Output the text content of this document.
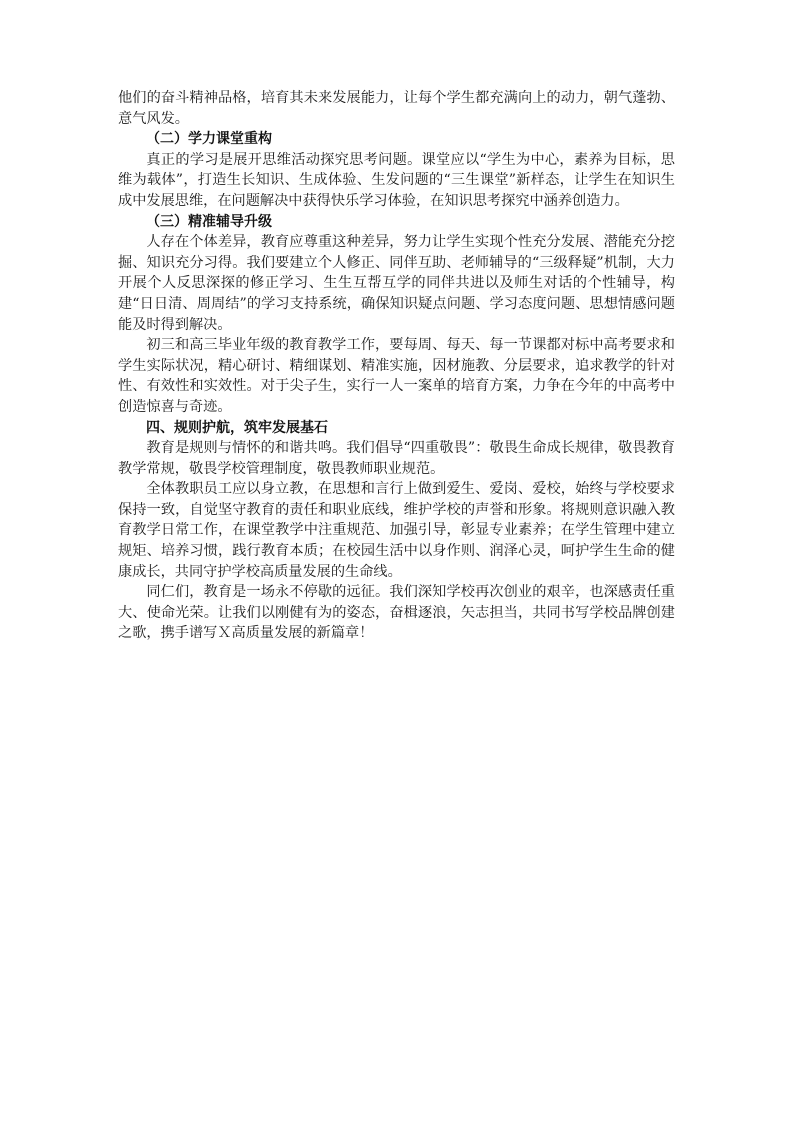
他们的奋斗精神品格，培育其未来发展能力，让每个学生都充满向上的动力，朝气蓬勃、意气风发。

（二）学力课堂重构

真正的学习是展开思维活动探究思考问题。课堂应以“学生为中心，素养为目标，思维为载体”，打造生长知识、生成体验、生发问题的“三生课堂”新样态，让学生在知识生成中发展思维，在问题解决中获得快乐学习体验，在知识思考探究中涵养创造力。

（三）精准辅导升级

人存在个体差异，教育应尊重这种差异，努力让学生实现个性充分发展、潜能充分挖掘、知识充分习得。我们要建立个人修正、同伴互助、老师辅导的“三级释疑”机制，大力开展个人反思深探的修正学习、生生互帮互学的同伴共进以及师生对话的个性辅导，构建“日日清、周周结”的学习支持系统，确保知识疑点问题、学习态度问题、思想情感问题能及时得到解决。

初三和高三毕业年级的教育教学工作，要每周、每天、每一节课都对标中高考要求和学生实际状况，精心研讨、精细谋划、精准实施，因材施教、分层要求，追求教学的针对性、有效性和实效性。对于尖子生，实行一人一案单的培育方案，力争在今年的中高考中创造惊喜与奇迹。

四、规则护航，筑牢发展基石

教育是规则与情怀的和谐共鸣。我们倡导“四重敬畏”：敬畏生命成长规律，敬畏教育教学常规，敬畏学校管理制度，敬畏教师职业规范。

全体教职员工应以身立教，在思想和言行上做到爱生、爱岗、爱校，始终与学校要求保持一致，自觉坚守教育的责任和职业底线，维护学校的声誉和形象。将规则意识融入教育教学日常工作，在课堂教学中注重规范、加强引导，彰显专业素养；在学生管理中建立规矩、培养习惯，践行教育本质；在校园生活中以身作则、润泽心灵，呵护学生生命的健康成长，共同守护学校高质量发展的生命线。

同仁们，教育是一场永不停歇的远征。我们深知学校再次创业的艰辛，也深感责任重大、使命光荣。让我们以刚健有为的姿态，奋楫逐浪，矢志担当，共同书写学校品牌创建之歌，携手谱写Ｘ高质量发展的新篇章！
